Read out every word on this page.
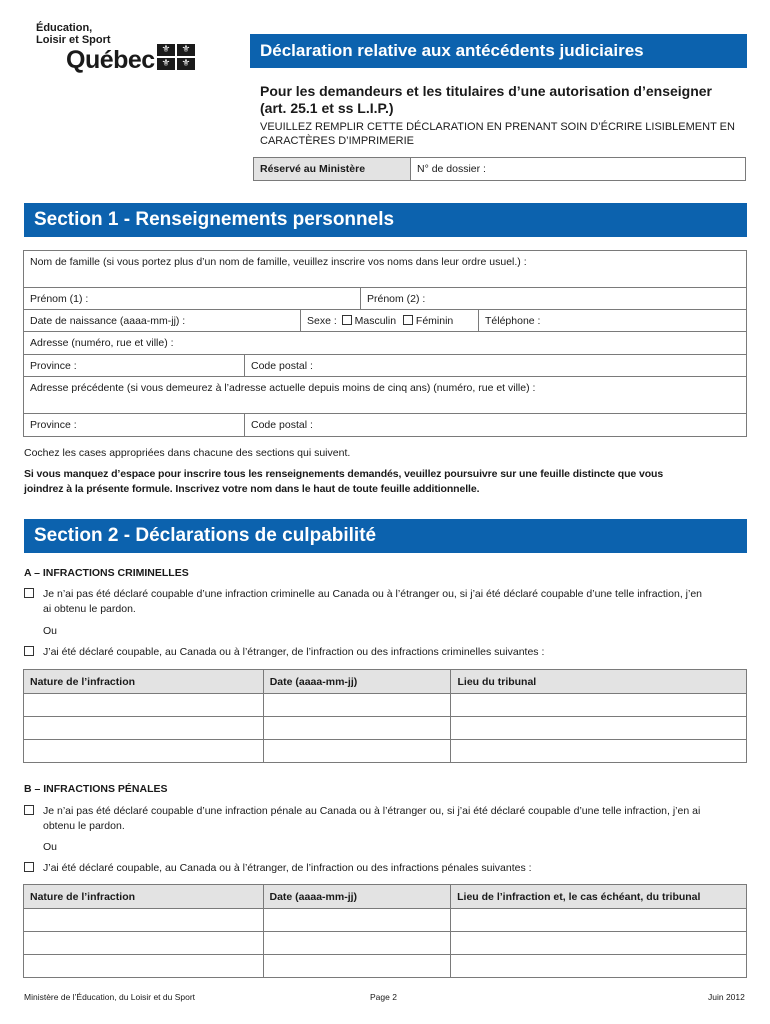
Éducation,
Loisir et Sport
Québec ⚜	⚜
⚜	⚜
Déclaration relative aux antécédents judiciaires
Pour les demandeurs et les titulaires d’une autorisation d’enseigner
(art. 25.1 et ss L.I.P.)
VEUILLEZ REMPLIR CETTE DÉCLARATION EN PRENANT SOIN D’ÉCRIRE LISIBLEMENT EN
CARACTÈRES D’IMPRIMERIE
Réservé au Ministère	N° de dossier :
Section 1 - Renseignements personnels
Nom de famille (si vous portez plus d’un nom de famille, veuillez inscrire vos noms dans leur ordre usuel.) :
Prénom (1) :	Prénom (2) :
Date de naissance (aaaa-mm-jj) :	Sexe : Masculin Féminin	Téléphone :
Adresse (numéro, rue et ville) :
Province :	Code postal :
Adresse précédente (si vous demeurez à l’adresse actuelle depuis moins de cinq ans) (numéro, rue et ville) :
Province :	Code postal :
Cochez les cases appropriées dans chacune des sections qui suivent.
Si vous manquez d’espace pour inscrire tous les renseignements demandés, veuillez poursuivre sur une feuille distincte que vous
joindrez à la présente formule. Inscrivez votre nom dans le haut de toute feuille additionnelle.
Section 2 - Déclarations de culpabilité
A – INFRACTIONS CRIMINELLES
Je n’ai pas été déclaré coupable d’une infraction criminelle au Canada ou à l’étranger ou, si j’ai été déclaré coupable d’une telle infraction, j’en
ai obtenu le pardon.
Ou
J’ai été déclaré coupable, au Canada ou à l’étranger, de l’infraction ou des infractions criminelles suivantes :
Nature de l’infraction	Date (aaaa-mm-jj)	Lieu du tribunal

B – INFRACTIONS PÉNALES
Je n’ai pas été déclaré coupable d’une infraction pénale au Canada ou à l’étranger ou, si j’ai été déclaré coupable d’une telle infraction, j’en ai
obtenu le pardon.
Ou
J’ai été déclaré coupable, au Canada ou à l’étranger, de l’infraction ou des infractions pénales suivantes :
Nature de l’infraction	Date (aaaa-mm-jj)	Lieu de l’infraction et, le cas échéant, du tribunal

Ministère de l’Éducation, du Loisir et du Sport	Page 2	Juin 2012
